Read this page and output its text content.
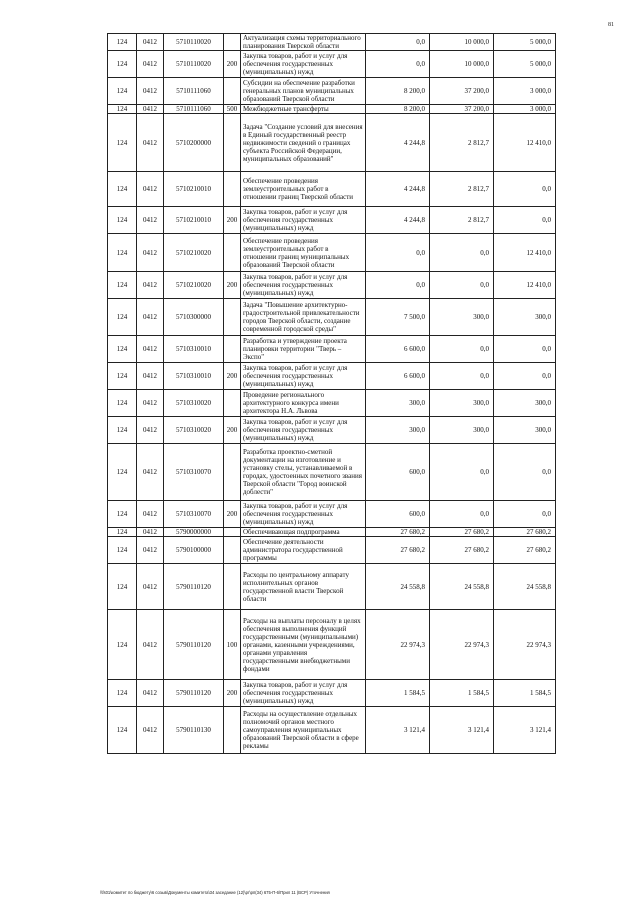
81
124	0412	5710110020		Актуализация схемы территориального планирования Тверской области	0,0	10 000,0	5 000,0
124	0412	5710110020	200	Закупка товаров, работ и услуг для обеспечения государственных (муниципальных) нужд	0,0	10 000,0	5 000,0
124	0412	5710111060		Субсидии на обеспечение разработки генеральных планов муниципальных образований Тверской области	8 200,0	37 200,0	3 000,0
124	0412	5710111060	500	Межбюджетные трансферты	8 200,0	37 200,0	3 000,0
124	0412	5710200000		Задача "Создание условий для внесения в Единый государственный реестр недвижимости сведений о границах субъекта Российской Федерации, муниципальных образований"	4 244,8	2 812,7	12 410,0
124	0412	5710210010		Обеспечение проведения землеустроительных работ в отношении границ Тверской области	4 244,8	2 812,7	0,0
124	0412	5710210010	200	Закупка товаров, работ и услуг для обеспечения государственных (муниципальных) нужд	4 244,8	2 812,7	0,0
124	0412	5710210020		Обеспечение проведения землеустроительных работ в отношении границ муниципальных образований Тверской области	0,0	0,0	12 410,0
124	0412	5710210020	200	Закупка товаров, работ и услуг для обеспечения государственных (муниципальных) нужд	0,0	0,0	12 410,0
124	0412	5710300000		Задача "Повышение архитектурно-градостроительной привлекательности городов Тверской области, создание современной городской среды"	7 500,0	300,0	300,0
124	0412	5710310010		Разработка и утверждение проекта планировки территории "Тверь – Экспо"	6 600,0	0,0	0,0
124	0412	5710310010	200	Закупка товаров, работ и услуг для обеспечения государственных (муниципальных) нужд	6 600,0	0,0	0,0
124	0412	5710310020		Проведение регионального архитектурного конкурса имени архитектора Н.А. Львова	300,0	300,0	300,0
124	0412	5710310020	200	Закупка товаров, работ и услуг для обеспечения государственных (муниципальных) нужд	300,0	300,0	300,0
124	0412	5710310070		Разработка проектно-сметной документации на изготовление и установку стелы, устанавливаемой в городах, удостоенных почетного звания Тверской области "Город воинской доблести"	600,0	0,0	0,0
124	0412	5710310070	200	Закупка товаров, работ и услуг для обеспечения государственных (муниципальных) нужд	600,0	0,0	0,0
124	0412	5790000000		Обеспечивающая подпрограмма	27 680,2	27 680,2	27 680,2
124	0412	5790100000		Обеспечение деятельности администратора государственной программы	27 680,2	27 680,2	27 680,2
124	0412	5790110120		Расходы по центральному аппарату исполнительных органов государственной власти Тверской области	24 558,8	24 558,8	24 558,8
124	0412	5790110120	100	Расходы на выплаты персоналу в целях обеспечения выполнения функций государственными (муниципальными) органами, казенными учреждениями, органами управления государственными внебюджетными фондами	22 974,3	22 974,3	22 974,3
124	0412	5790110120	200	Закупка товаров, работ и услуг для обеспечения государственных (муниципальных) нужд	1 584,5	1 584,5	1 584,5
124	0412	5790110130		Расходы на осуществление отдельных полномочий органов местного самоуправления муниципальных образований Тверской области в сфере рекламы	3 121,4	3 121,4	3 121,4
\\fs01\комитет по бюджету\6 созыв\Документы комитета\34 заседание (12)\рг\рп(34) 675-П-6\Прил 11 (ВСР) Уточнения
